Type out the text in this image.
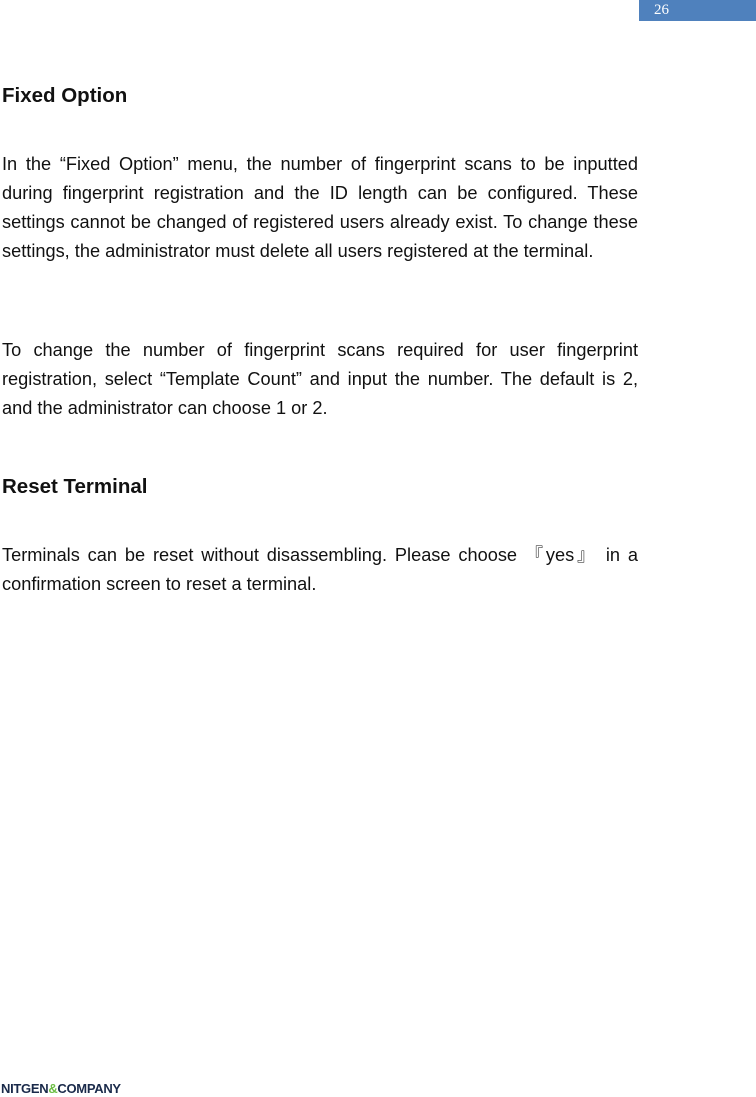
26
Fixed Option

In the “Fixed Option” menu, the number of fingerprint scans to be inputted during fingerprint registration and the ID length can be configured. These settings cannot be changed of registered users already exist. To change these settings, the administrator must delete all users registered at the terminal.

To change the number of fingerprint scans required for user fingerprint registration, select “Template Count” and input the number. The default is 2, and the administrator can choose 1 or 2.

Reset Terminal

Terminals can be reset without disassembling. Please choose 『yes』 in a confirmation screen to reset a terminal.

NITGEN&COMPANY
